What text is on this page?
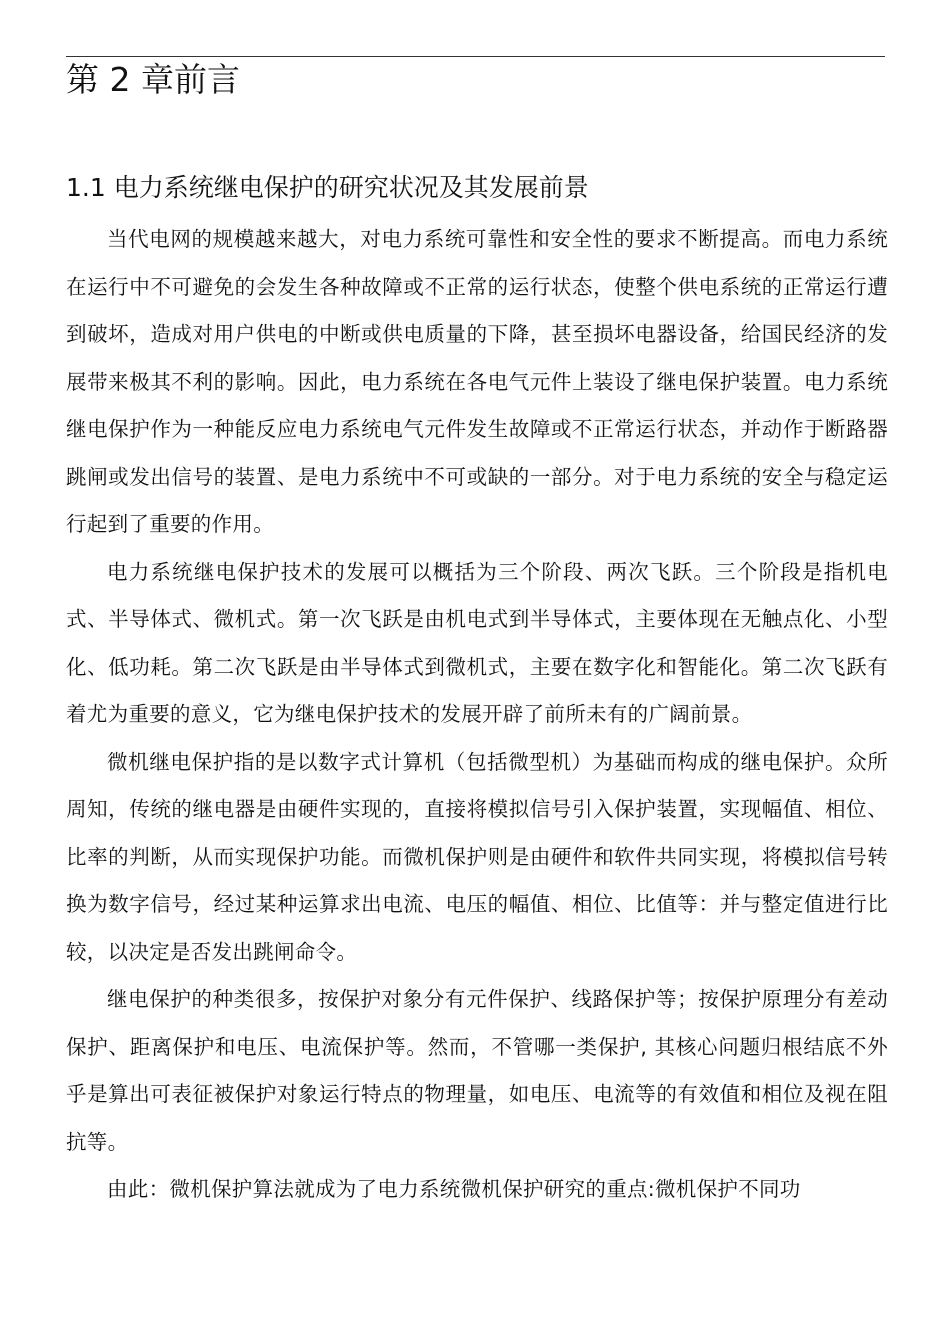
第 2 章前言
1.1 电力系统继电保护的研究状况及其发展前景

当代电网的规模越来越大，对电力系统可靠性和安全性的要求不断提高。而电力系统在运行中不可避免的会发生各种故障或不正常的运行状态，使整个供电系统的正常运行遭到破坏，造成对用户供电的中断或供电质量的下降，甚至损坏电器设备，给国民经济的发展带来极其不利的影响。因此，电力系统在各电气元件上装设了继电保护装置。电力系统继电保护作为一种能反应电力系统电气元件发生故障或不正常运行状态，并动作于断路器跳闸或发出信号的装置、是电力系统中不可或缺的一部分。对于电力系统的安全与稳定运行起到了重要的作用。

电力系统继电保护技术的发展可以概括为三个阶段、两次飞跃。三个阶段是指机电式、半导体式、微机式。第一次飞跃是由机电式到半导体式，主要体现在无触点化、小型化、低功耗。第二次飞跃是由半导体式到微机式，主要在数字化和智能化。第二次飞跃有着尤为重要的意义，它为继电保护技术的发展开辟了前所未有的广阔前景。

微机继电保护指的是以数字式计算机（包括微型机）为基础而构成的继电保护。众所周知，传统的继电器是由硬件实现的，直接将模拟信号引入保护装置，实现幅值、相位、比率的判断，从而实现保护功能。而微机保护则是由硬件和软件共同实现，将模拟信号转换为数字信号，经过某种运算求出电流、电压的幅值、相位、比值等：并与整定值进行比较，以决定是否发出跳闸命令。

继电保护的种类很多，按保护对象分有元件保护、线路保护等；按保护原理分有差动保护、距离保护和电压、电流保护等。然而，不管哪一类保护, 其核心问题归根结底不外乎是算出可表征被保护对象运行特点的物理量，如电压、电流等的有效值和相位及视在阻抗等。

由此：微机保护算法就成为了电力系统微机保护研究的重点:微机保护不同功
